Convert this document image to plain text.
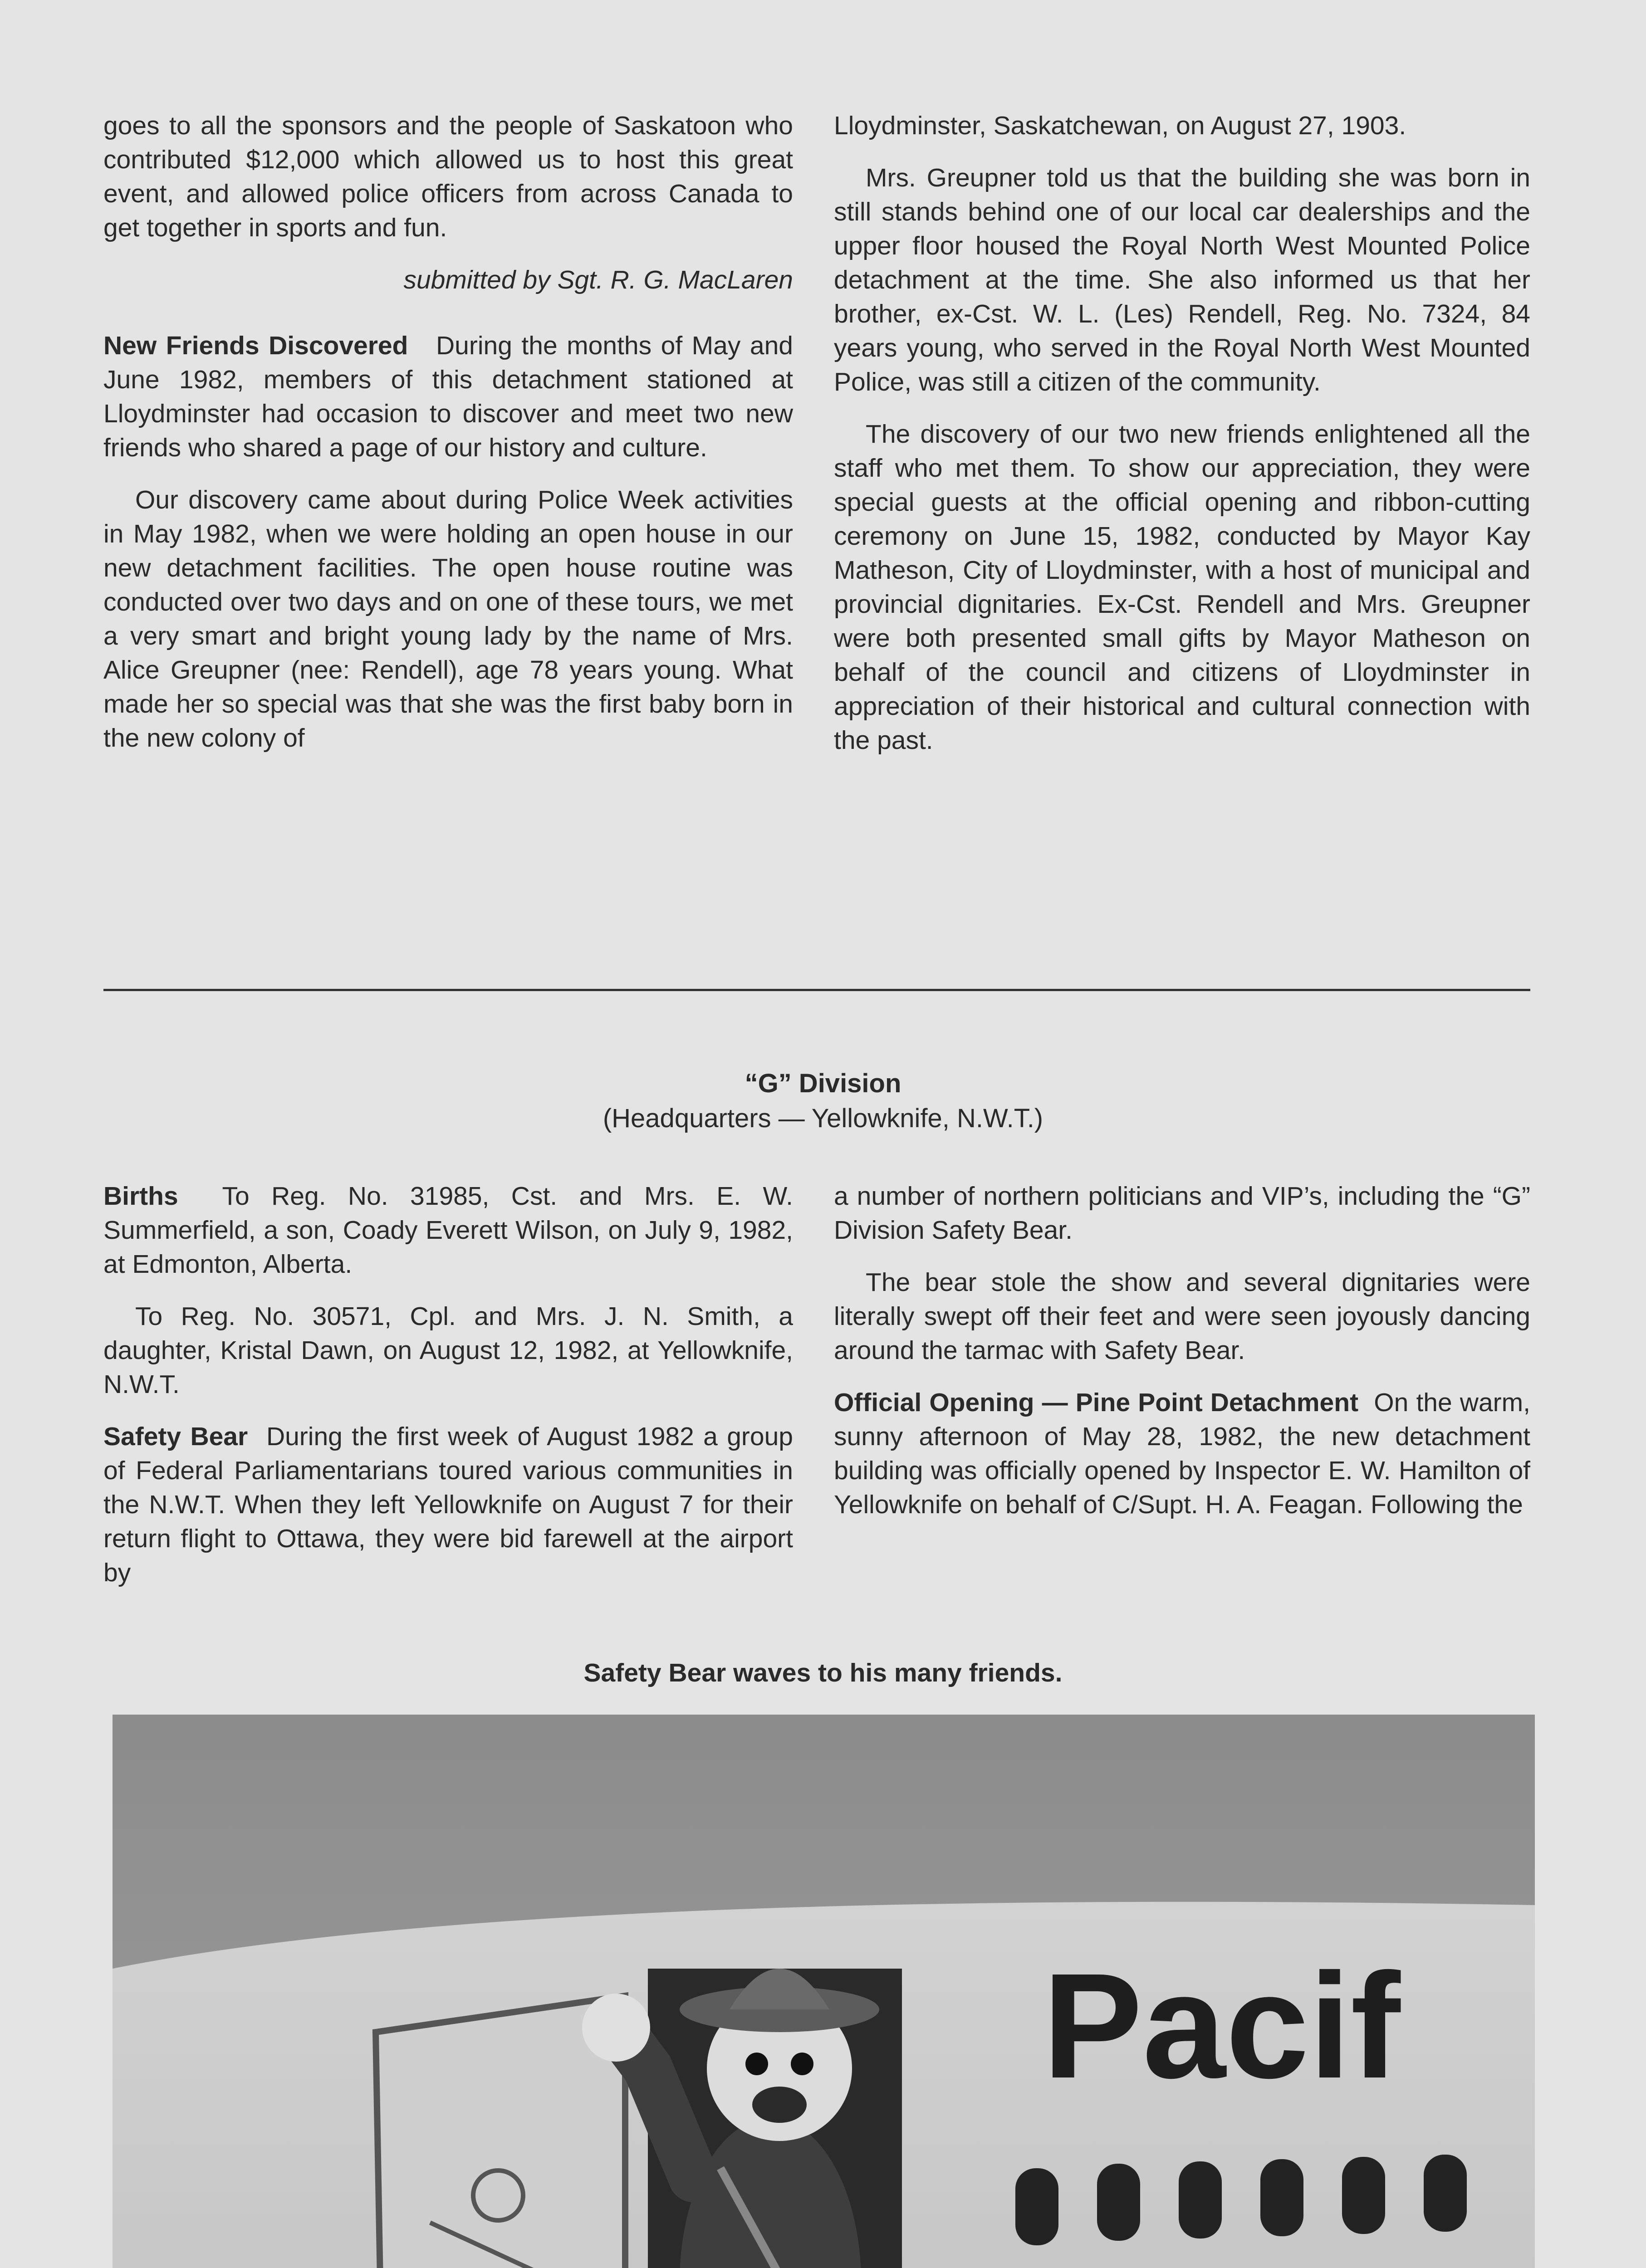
goes to all the sponsors and the people of Saskatoon who contributed $12,000 which allowed us to host this great event, and allowed police officers from across Canada to get together in sports and fun.

submitted by Sgt. R. G. MacLaren

New Friends Discovered During the months of May and June 1982, members of this detachment stationed at Lloydminster had occasion to discover and meet two new friends who shared a page of our history and culture.

Our discovery came about during Police Week activities in May 1982, when we were holding an open house in our new detachment facilities. The open house routine was conducted over two days and on one of these tours, we met a very smart and bright young lady by the name of Mrs. Alice Greupner (nee: Rendell), age 78 years young. What made her so special was that she was the first baby born in the new colony of

Lloydminster, Saskatchewan, on August 27, 1903.

Mrs. Greupner told us that the building she was born in still stands behind one of our local car dealerships and the upper floor housed the Royal North West Mounted Police detachment at the time. She also informed us that her brother, ex-Cst. W. L. (Les) Rendell, Reg. No. 7324, 84 years young, who served in the Royal North West Mounted Police, was still a citizen of the community.

The discovery of our two new friends enlightened all the staff who met them. To show our appreciation, they were special guests at the official opening and ribbon-cutting ceremony on June 15, 1982, conducted by Mayor Kay Matheson, City of Lloydminster, with a host of municipal and provincial dignitaries. Ex-Cst. Rendell and Mrs. Greupner were both presented small gifts by Mayor Matheson on behalf of the council and citizens of Lloydminster in appreciation of their historical and cultural connection with the past.

“G” Division
(Headquarters — Yellowknife, N.W.T.)

Births To Reg. No. 31985, Cst. and Mrs. E. W. Summerfield, a son, Coady Everett Wilson, on July 9, 1982, at Edmonton, Alberta.

To Reg. No. 30571, Cpl. and Mrs. J. N. Smith, a daughter, Kristal Dawn, on August 12, 1982, at Yellowknife, N.W.T.

Safety Bear During the first week of August 1982 a group of Federal Parliamentarians toured various communities in the N.W.T. When they left Yellowknife on August 7 for their return flight to Ottawa, they were bid farewell at the airport by

a number of northern politicians and VIP’s, including the “G” Division Safety Bear.

The bear stole the show and several dignitaries were literally swept off their feet and were seen joyously dancing around the tarmac with Safety Bear.

Official Opening — Pine Point Detachment On the warm, sunny afternoon of May 28, 1982, the new detachment building was officially opened by Inspector E. W. Hamilton of Yellowknife on behalf of C/Supt. H. A. Feagan. Following the

Safety Bear waves to his many friends.
Pacif
